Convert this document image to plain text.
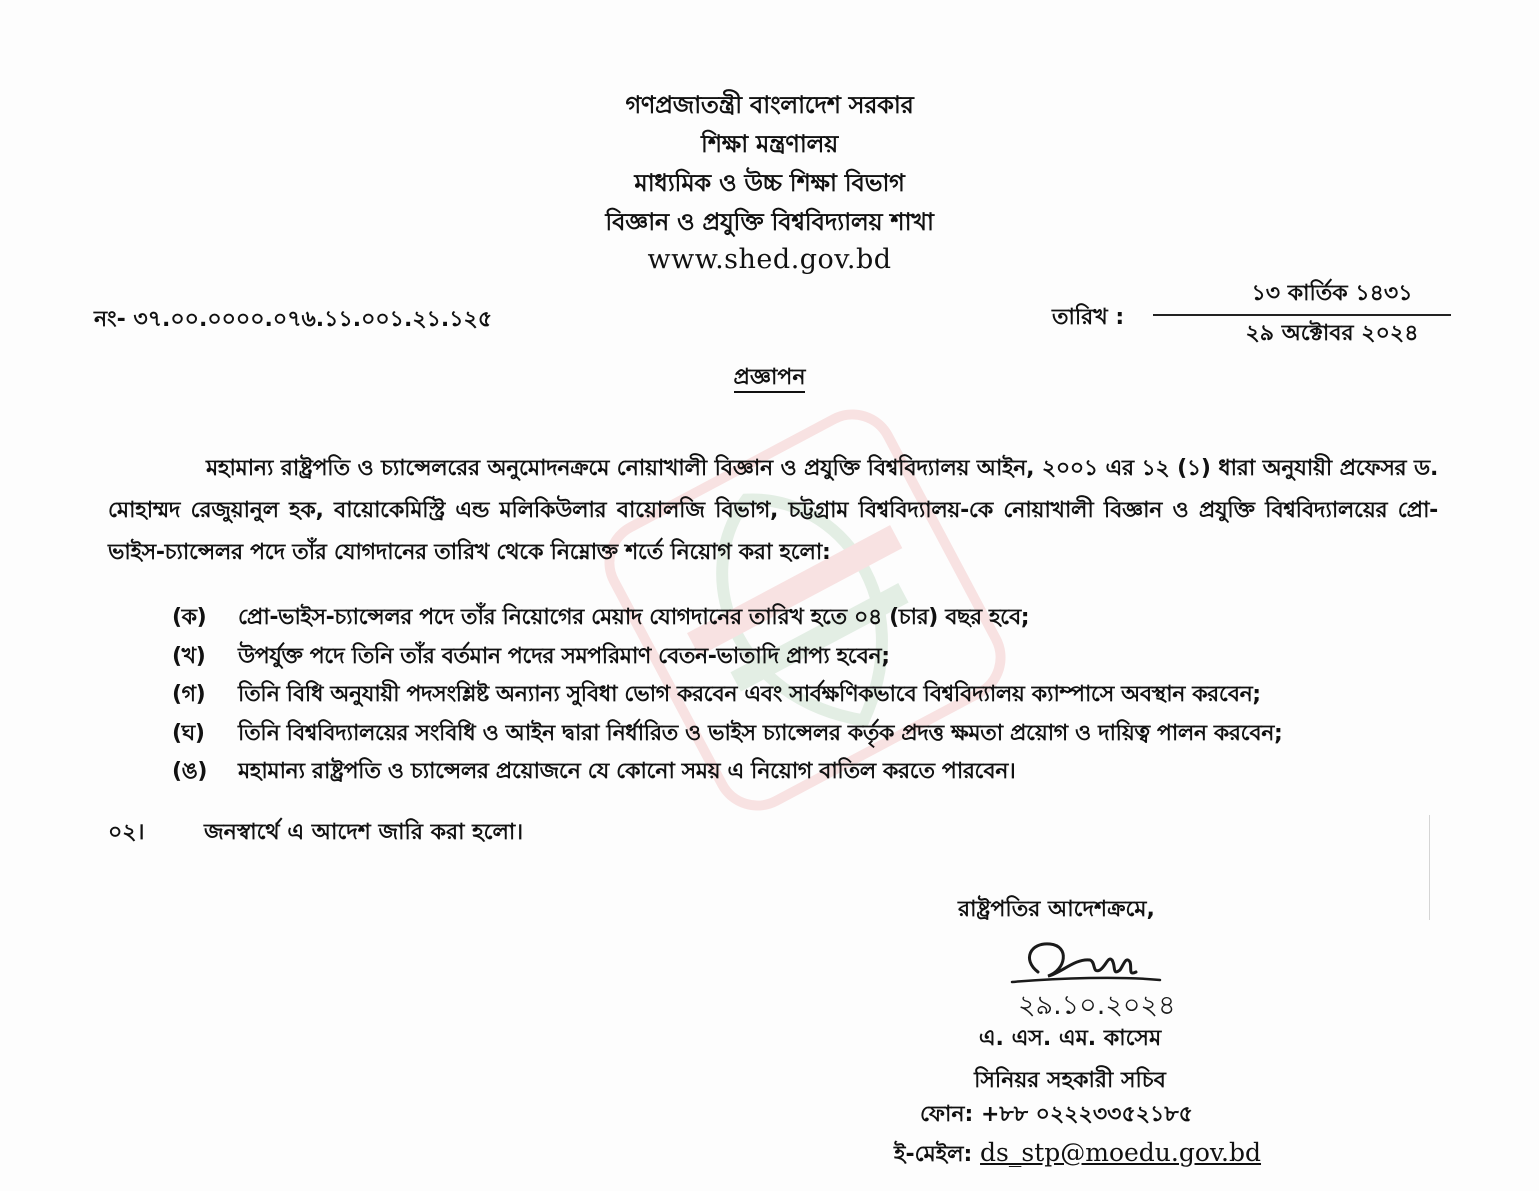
গণপ্রজাতন্ত্রী বাংলাদেশ সরকার
শিক্ষা মন্ত্রণালয়
মাধ্যমিক ও উচ্চ শিক্ষা বিভাগ
বিজ্ঞান ও প্রযুক্তি বিশ্ববিদ্যালয় শাখা
www.shed.gov.bd
নং- ৩৭.০০.০০০০.০৭৬.১১.০০১.২১.১২৫	তারিখ :
১৩ কার্তিক ১৪৩১
২৯ অক্টোবর ২০২৪
প্রজ্ঞাপন
মহামান্য রাষ্ট্রপতি ও চ্যান্সেলরের অনুমোদনক্রমে নোয়াখালী বিজ্ঞান ও প্রযুক্তি বিশ্ববিদ্যালয় আইন, ২০০১ এর ১২ (১) ধারা অনুযায়ী প্রফেসর ড. মোহাম্মদ রেজুয়ানুল হক, বায়োকেমিস্ট্রি এন্ড মলিকিউলার বায়োলজি বিভাগ, চট্টগ্রাম বিশ্ববিদ্যালয়-কে নোয়াখালী বিজ্ঞান ও প্রযুক্তি বিশ্ববিদ্যালয়ের প্রো-ভাইস-চ্যান্সেলর পদে তাঁর যোগদানের তারিখ থেকে নিম্নোক্ত শর্তে নিয়োগ করা হলো:
(ক) প্রো-ভাইস-চ্যান্সেলর পদে তাঁর নিয়োগের মেয়াদ যোগদানের তারিখ হতে ০৪ (চার) বছর হবে;
(খ) উপর্যুক্ত পদে তিনি তাঁর বর্তমান পদের সমপরিমাণ বেতন-ভাতাদি প্রাপ্য হবেন;
(গ) তিনি বিধি অনুযায়ী পদসংশ্লিষ্ট অন্যান্য সুবিধা ভোগ করবেন এবং সার্বক্ষণিকভাবে বিশ্ববিদ্যালয় ক্যাম্পাসে অবস্থান করবেন;
(ঘ) তিনি বিশ্ববিদ্যালয়ের সংবিধি ও আইন দ্বারা নির্ধারিত ও ভাইস চ্যান্সেলর কর্তৃক প্রদত্ত ক্ষমতা প্রয়োগ ও দায়িত্ব পালন করবেন;
(ঙ) মহামান্য রাষ্ট্রপতি ও চ্যান্সেলর প্রয়োজনে যে কোনো সময় এ নিয়োগ বাতিল করতে পারবেন।
০২।	জনস্বার্থে এ আদেশ জারি করা হলো।
রাষ্ট্রপতির আদেশক্রমে,
২৯.১০.২০২৪
এ. এস. এম. কাসেম
সিনিয়র সহকারী সচিব
ফোন: +৮৮ ০২২২৩৩৫২১৮৫
ই-মেইল: ds_stp@moedu.gov.bd
